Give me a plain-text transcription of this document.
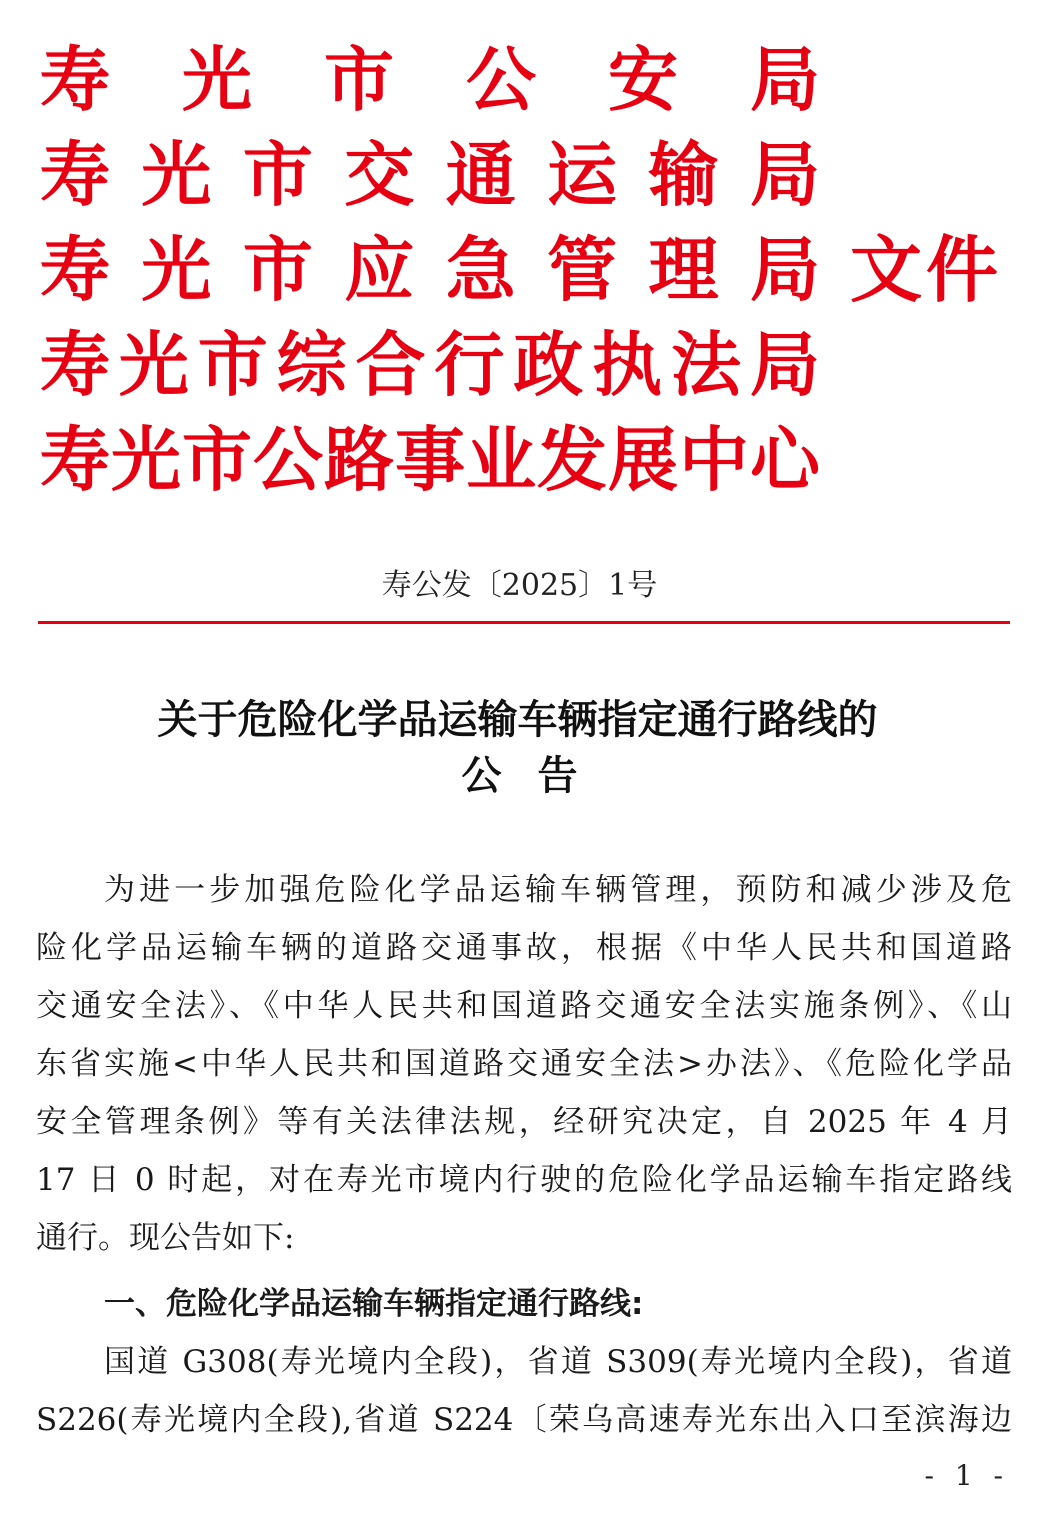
寿 光 市 公 安 局
寿 光 市 交 通 运 输 局
寿 光 市 应 急 管 理 局
寿 光 市 综 合 行 政 执 法 局
寿 光 市 公 路 事 业 发 展 中 心
文件
寿公发〔2025〕1号
关于危险化学品运输车辆指定通行路线的
公告
为进一步加强危险化学品运输车辆管理，预防和减少涉及危
险化学品运输车辆的道路交通事故，根据《中华人民共和国道路
交通安全法》、《中华人民共和国道路交通安全法实施条例》、《山
东省实施<中华人民共和国道路交通安全法>办法》、《危险化学品
安全管理条例》等有关法律法规，经研究决定，自 2025 年 4 月
17 日 0 时起，对在寿光市境内行驶的危险化学品运输车指定路线
通行。现公告如下:
一、危险化学品运输车辆指定通行路线:
国道 G308(寿光境内全段)，省道 S309(寿光境内全段)，省道
S226(寿光境内全段),省道 S224〔荣乌高速寿光东出入口至滨海边
- 1 -
